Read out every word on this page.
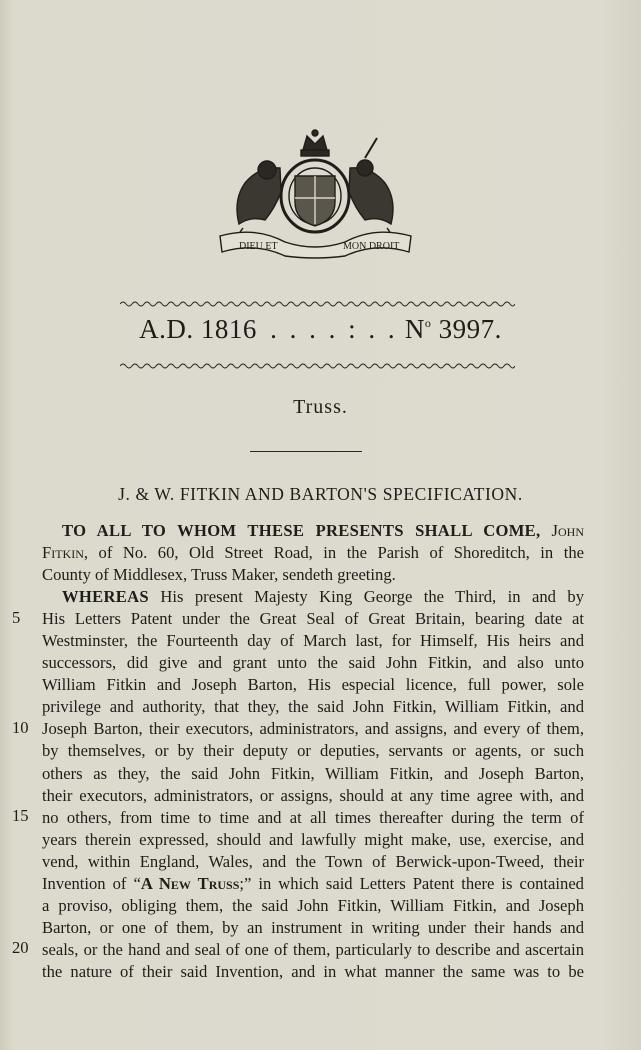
DIEU ET	MON DROIT
A.D. 1816 . . . . : . . $N^o$ 3997.
Truss.
J. & W. FITKIN AND BARTON'S SPECIFICATION.
5
10
15
20
TO ALL TO WHOM THESE PRESENTS SHALL COME, John
Fitkin, of No. 60, Old Street Road, in the Parish of Shoreditch, in the
County of Middlesex, Truss Maker, sendeth greeting.
WHEREAS His present Majesty King George the Third, in and by
His Letters Patent under the Great Seal of Great Britain, bearing date at
Westminster, the Fourteenth day of March last, for Himself, His heirs and
successors, did give and grant unto the said John Fitkin, and also unto
William Fitkin and Joseph Barton, His especial licence, full power, sole
privilege and authority, that they, the said John Fitkin, William Fitkin, and
Joseph Barton, their executors, administrators, and assigns, and every of them,
by themselves, or by their deputy or deputies, servants or agents, or such
others as they, the said John Fitkin, William Fitkin, and Joseph Barton,
their executors, administrators, or assigns, should at any time agree with, and
no others, from time to time and at all times thereafter during the term of
years therein expressed, should and lawfully might make, use, exercise, and
vend, within England, Wales, and the Town of Berwick-upon-Tweed, their
Invention of “A New Truss;” in which said Letters Patent there is contained
a proviso, obliging them, the said John Fitkin, William Fitkin, and Joseph
Barton, or one of them, by an instrument in writing under their hands and
seals, or the hand and seal of one of them, particularly to describe and ascertain
the nature of their said Invention, and in what manner the same was to be
